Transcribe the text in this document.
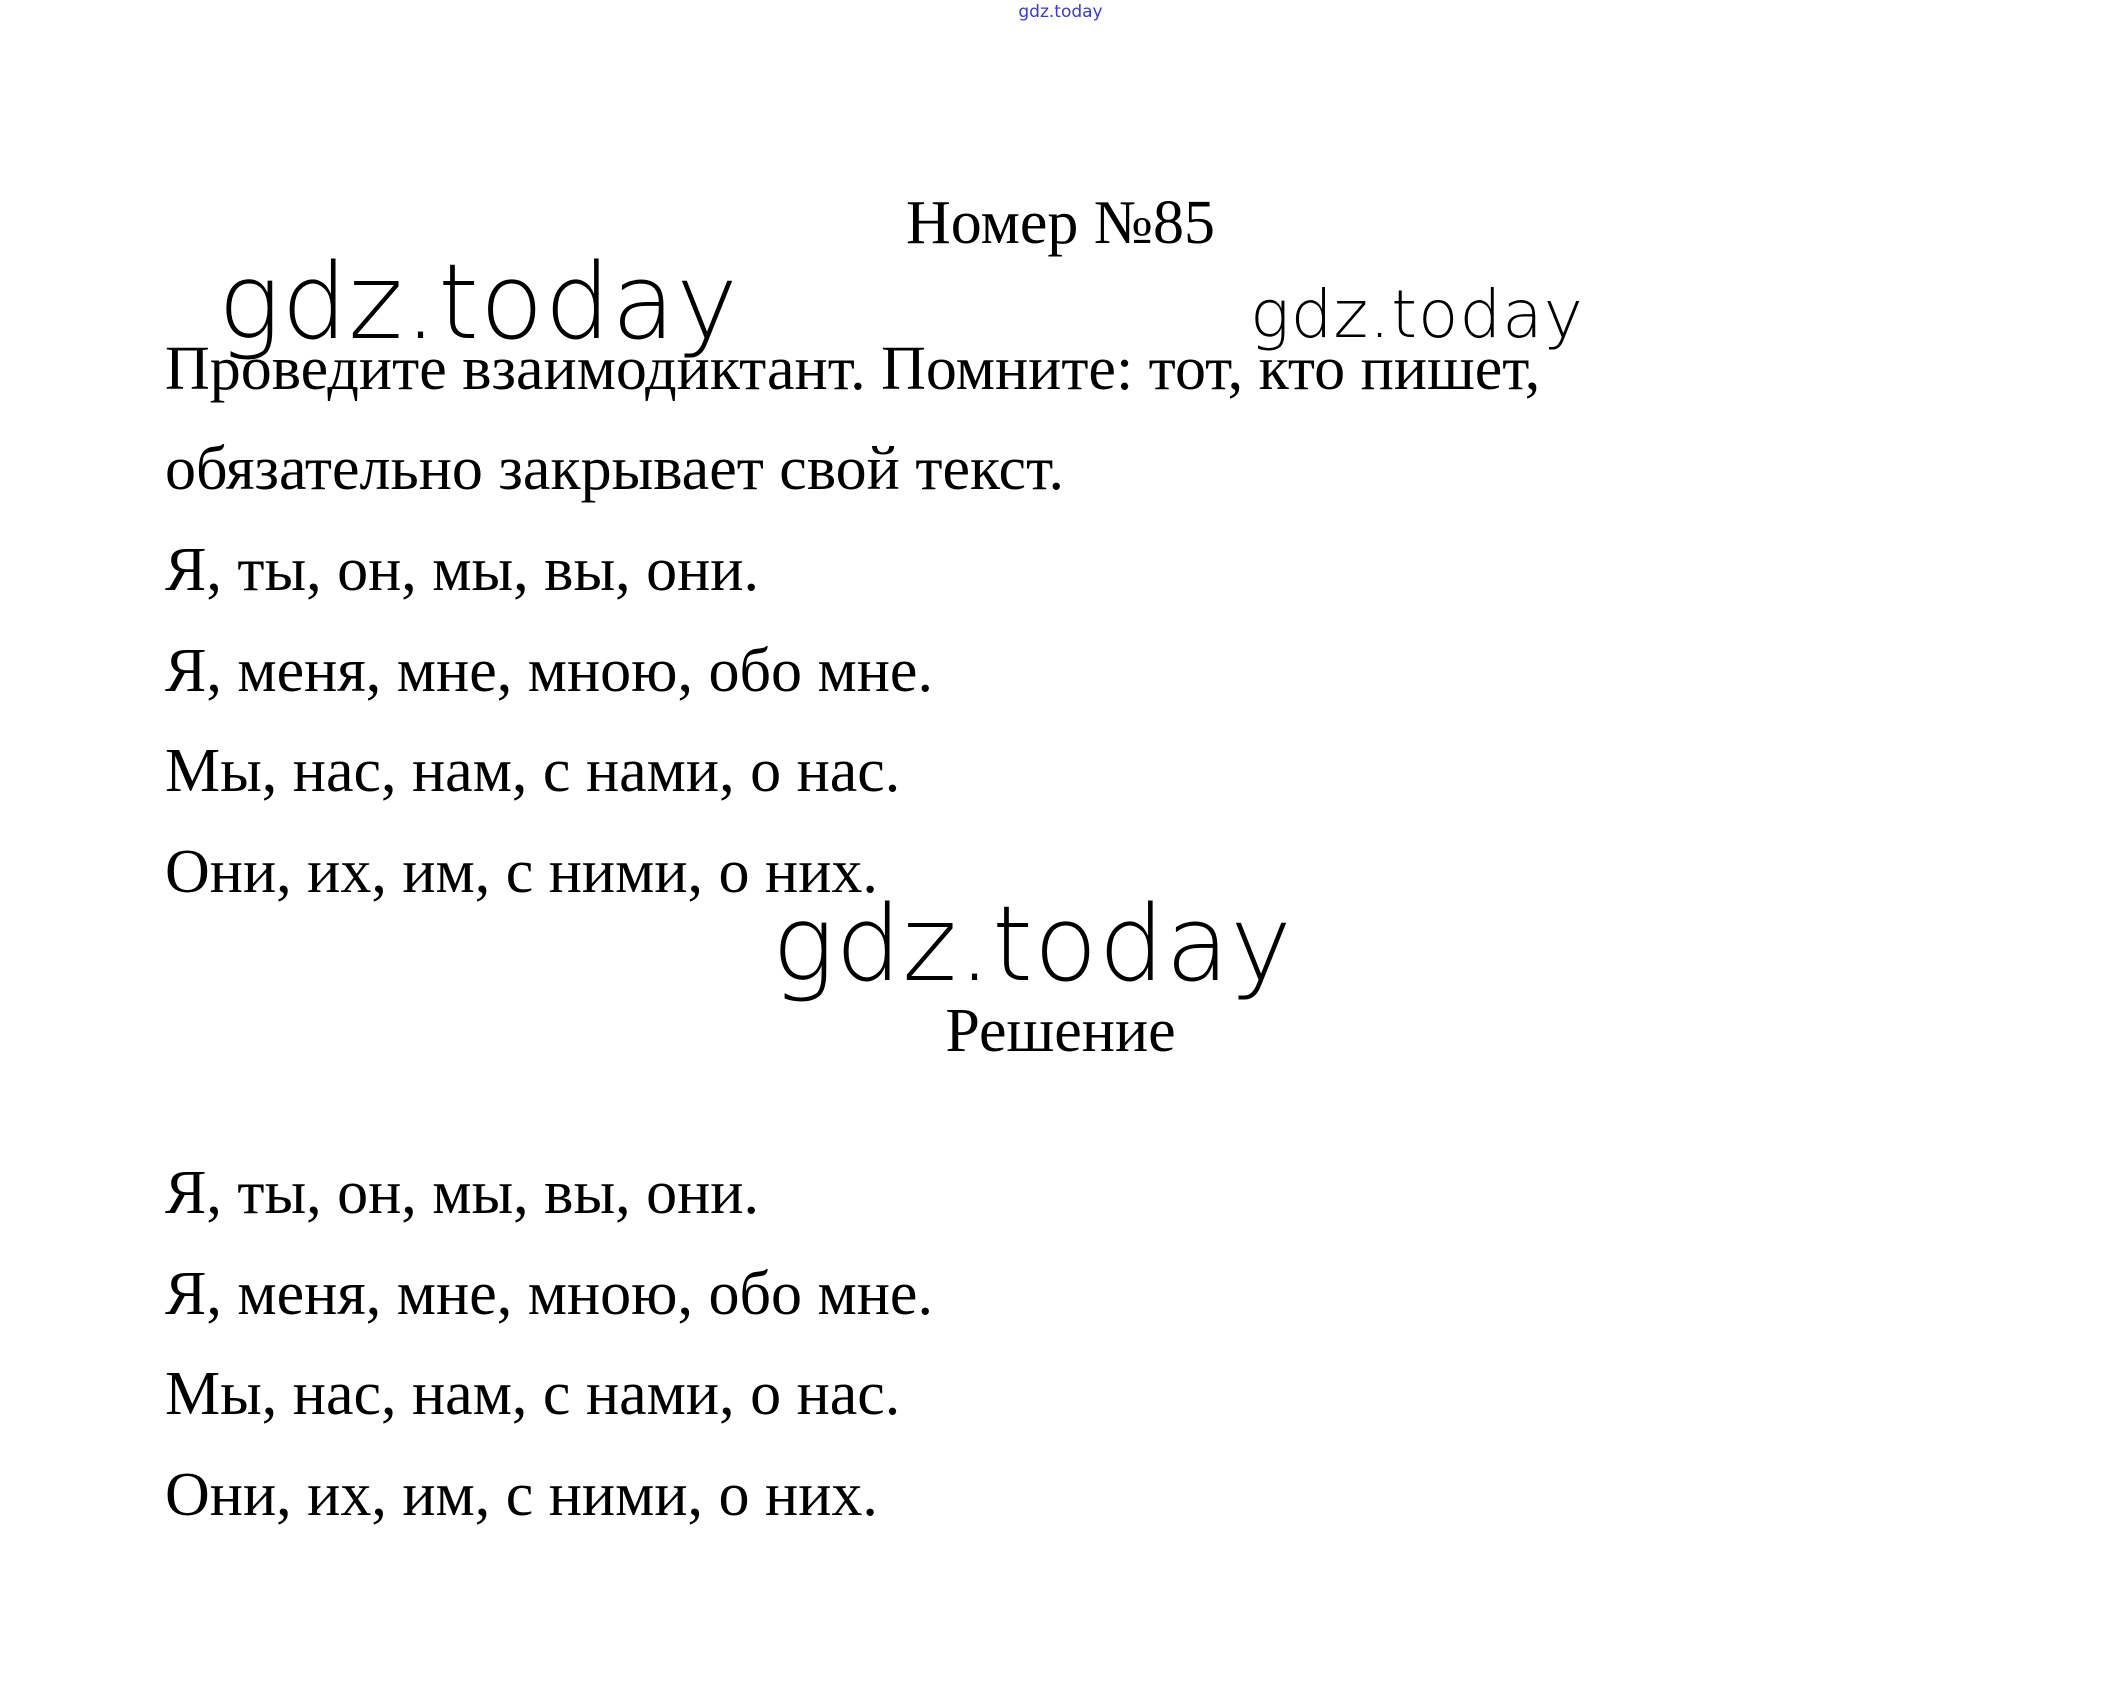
gdz.today
Номер №85
Проведите взаимодиктант. Помните: тот, кто пишет,
обязательно закрывает свой текст.
Я, ты, он, мы, вы, они.
Я, меня, мне, мною, обо мне.
Мы, нас, нам, с нами, о нас.
Они, их, им, с ними, о них.
Решение
Я, ты, он, мы, вы, они.
Я, меня, мне, мною, обо мне.
Мы, нас, нам, с нами, о нас.
Они, их, им, с ними, о них.
gdz.today	gdz.today
gdz.today
